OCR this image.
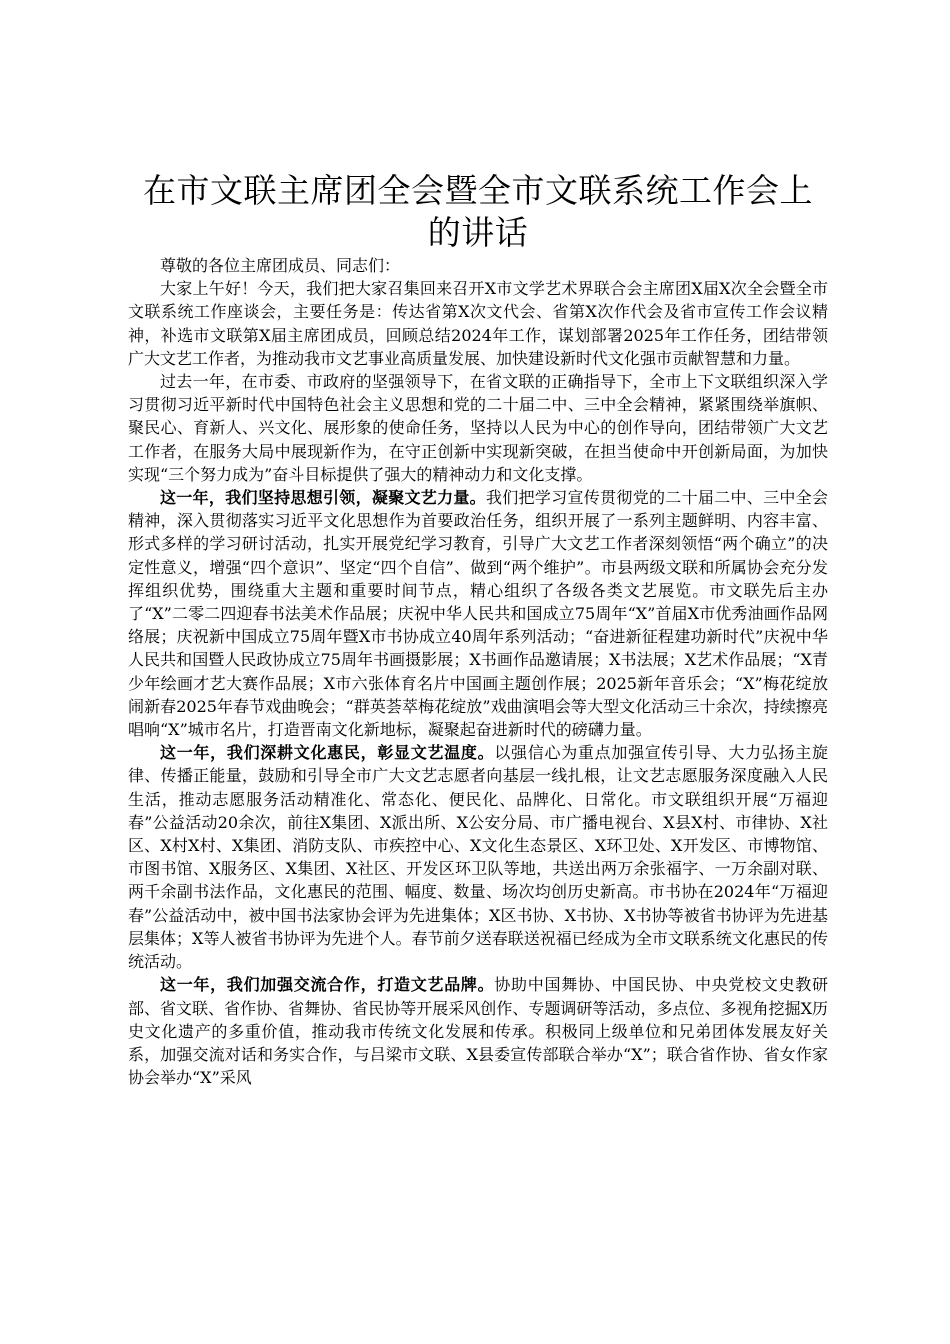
在市文联主席团全会暨全市文联系统工作会上的讲话

尊敬的各位主席团成员、同志们：

大家上午好！今天，我们把大家召集回来召开X市文学艺术界联合会主席团X届X次全会暨全市文联系统工作座谈会，主要任务是：传达省第X次文代会、省第X次作代会及省市宣传工作会议精神，补选市文联第X届主席团成员，回顾总结2024年工作，谋划部署2025年工作任务，团结带领广大文艺工作者，为推动我市文艺事业高质量发展、加快建设新时代文化强市贡献智慧和力量。

过去一年，在市委、市政府的坚强领导下，在省文联的正确指导下，全市上下文联组织深入学习贯彻习近平新时代中国特色社会主义思想和党的二十届二中、三中全会精神，紧紧围绕举旗帜、聚民心、育新人、兴文化、展形象的使命任务，坚持以人民为中心的创作导向，团结带领广大文艺工作者，在服务大局中展现新作为，在守正创新中实现新突破，在担当使命中开创新局面，为加快实现“三个努力成为”奋斗目标提供了强大的精神动力和文化支撑。

这一年，我们坚持思想引领，凝聚文艺力量。我们把学习宣传贯彻党的二十届二中、三中全会精神，深入贯彻落实习近平文化思想作为首要政治任务，组织开展了一系列主题鲜明、内容丰富、形式多样的学习研讨活动，扎实开展党纪学习教育，引导广大文艺工作者深刻领悟“两个确立”的决定性意义，增强“四个意识”、坚定“四个自信”、做到“两个维护”。市县两级文联和所属协会充分发挥组织优势，围绕重大主题和重要时间节点，精心组织了各级各类文艺展览。市文联先后主办了“X”二零二四迎春书法美术作品展；庆祝中华人民共和国成立75周年“X”首届X市优秀油画作品网络展；庆祝新中国成立75周年暨X市书协成立40周年系列活动；“奋进新征程建功新时代”庆祝中华人民共和国暨人民政协成立75周年书画摄影展；X书画作品邀请展；X书法展；X艺术作品展；“X青少年绘画才艺大赛作品展；X市六张体育名片中国画主题创作展；2025新年音乐会；“X”梅花绽放闹新春2025年春节戏曲晚会；“群英荟萃梅花绽放”戏曲演唱会等大型文化活动三十余次，持续擦亮唱响“X”城市名片，打造晋南文化新地标，凝聚起奋进新时代的磅礴力量。

这一年，我们深耕文化惠民，彰显文艺温度。以强信心为重点加强宣传引导、大力弘扬主旋律、传播正能量，鼓励和引导全市广大文艺志愿者向基层一线扎根，让文艺志愿服务深度融入人民生活，推动志愿服务活动精准化、常态化、便民化、品牌化、日常化。市文联组织开展“万福迎春”公益活动20余次，前往X集团、X派出所、X公安分局、市广播电视台、X县X村、市律协、X社区、X村X村、X集团、消防支队、市疾控中心、X文化生态景区、X环卫处、X开发区、市博物馆、市图书馆、X服务区、X集团、X社区、开发区环卫队等地，共送出两万余张福字、一万余副对联、两千余副书法作品，文化惠民的范围、幅度、数量、场次均创历史新高。市书协在2024年“万福迎春”公益活动中，被中国书法家协会评为先进集体；X区书协、X书协、X书协等被省书协评为先进基层集体；X等人被省书协评为先进个人。春节前夕送春联送祝福已经成为全市文联系统文化惠民的传统活动。

这一年，我们加强交流合作，打造文艺品牌。协助中国舞协、中国民协、中央党校文史教研部、省文联、省作协、省舞协、省民协等开展采风创作、专题调研等活动，多点位、多视角挖掘X历史文化遗产的多重价值，推动我市传统文化发展和传承。积极同上级单位和兄弟团体发展友好关系，加强交流对话和务实合作，与吕梁市文联、X县委宣传部联合举办“X”；联合省作协、省女作家协会举办“X”采风
